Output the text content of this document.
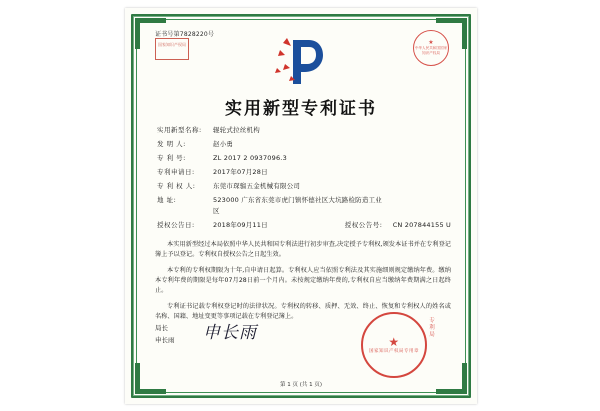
证书号第7828220号
国家知识产权局	★
中华人民共和国国家知识产权局
实用新型专利证书
实用新型名称:	辊轮式拉丝机构
发 明 人:	赵小勇
专 利 号:	ZL 2017 2 0937096.3
专利申请日:	2017年07月28日
专 利 权 人:	东莞市琛骝五金机械有限公司
地 址:	523000 广东省东莞市虎门镇怀德社区大坑路检防造工业
区
授权公告日:	2018年09月11日	授权公告号:	CN 207844155 U

本实用新型经过本局依照中华人民共和国专利法进行初步审查,决定授予专利权,颁发本证书并在专利登记簿上予以登记。专利权自授权公告之日起生效。

本专利的专利权期限为十年,自申请日起算。专利权人应当依照专利法及其实施细则规定缴纳年费。缴纳本专利年费的期限是每年07月28日前一个月内。未按规定缴纳年费的,专利权自应当缴纳年费期满之日起终止。

专利证书记载专利权登记时的法律状况。专利权的转移、质押、无效、终止、恢复和专利权人的姓名或名称、国籍、地址变更等事项记载在专利登记簿上。

局长
申长雨 申长雨
专利局
★
国家知识产权局专用章
第 1 页 (共 1 页)
